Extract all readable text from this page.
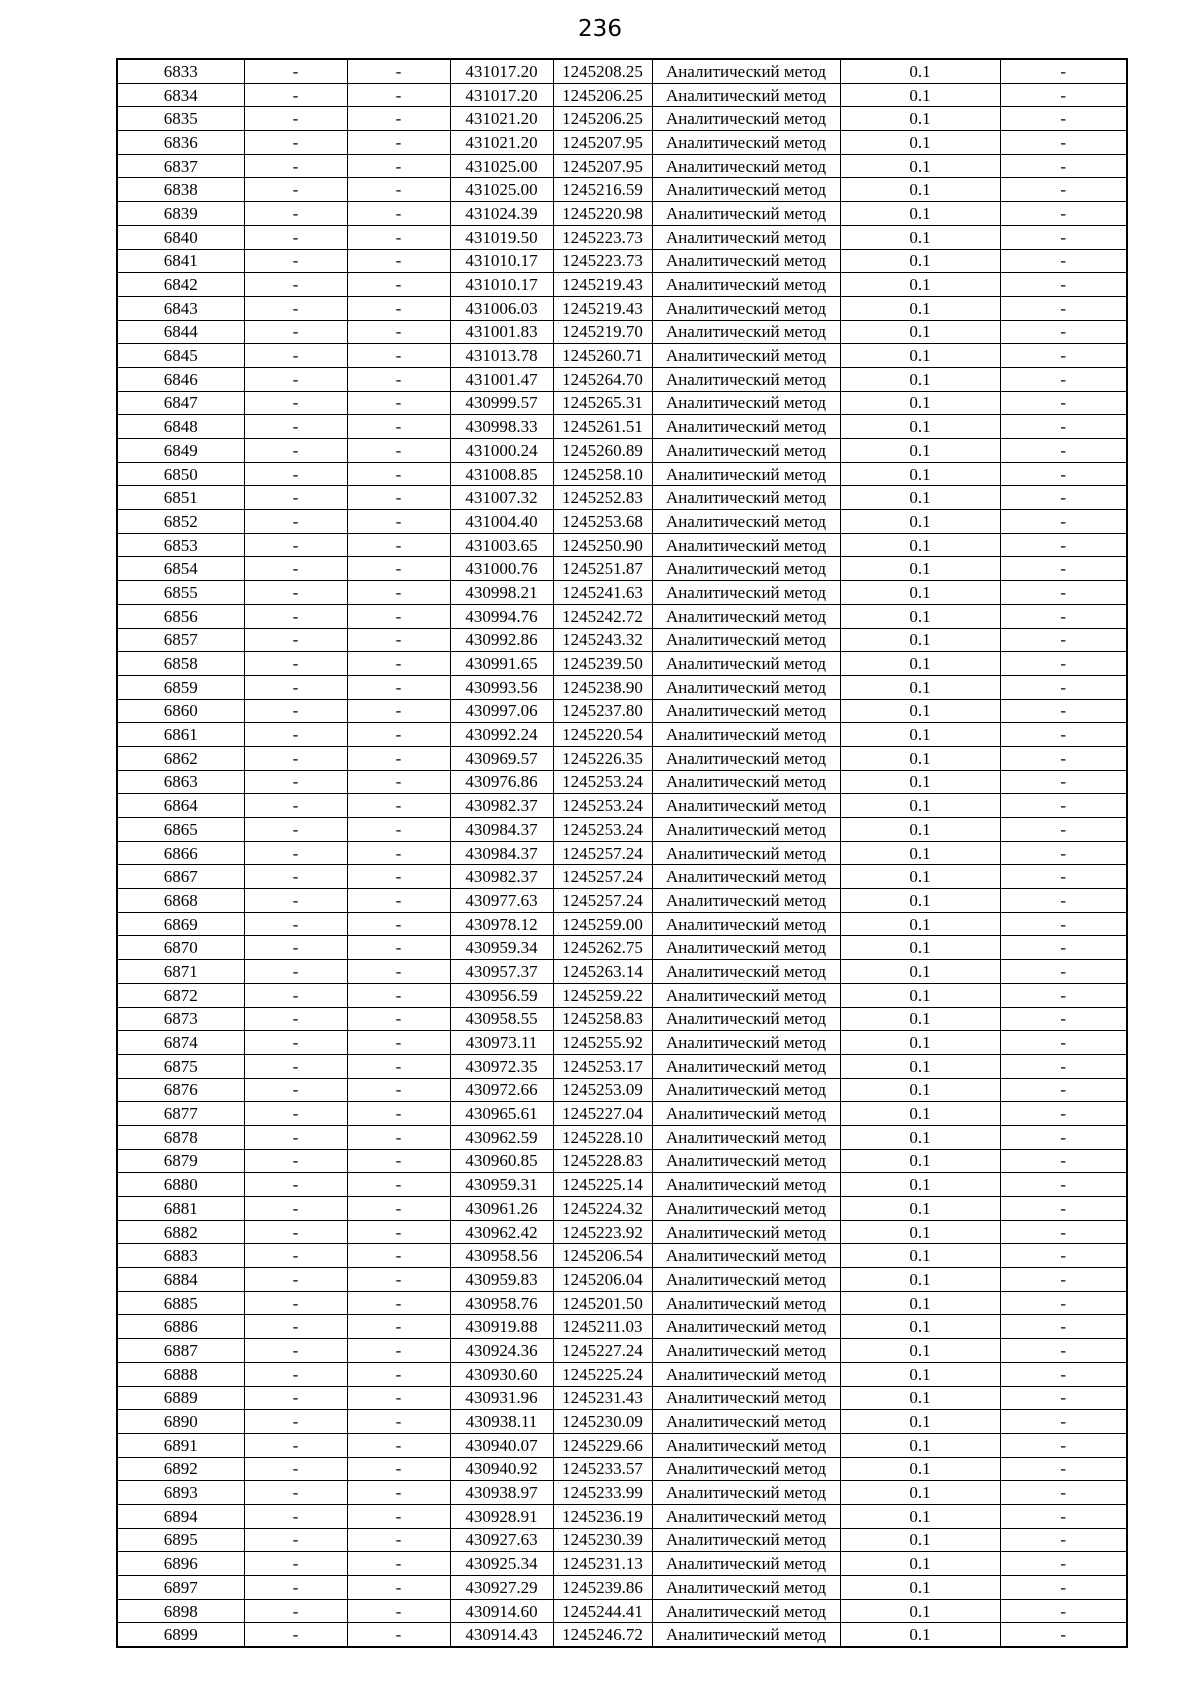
236
6833	-	-	431017.20	1245208.25	Аналитический метод	0.1	-
6834	-	-	431017.20	1245206.25	Аналитический метод	0.1	-
6835	-	-	431021.20	1245206.25	Аналитический метод	0.1	-
6836	-	-	431021.20	1245207.95	Аналитический метод	0.1	-
6837	-	-	431025.00	1245207.95	Аналитический метод	0.1	-
6838	-	-	431025.00	1245216.59	Аналитический метод	0.1	-
6839	-	-	431024.39	1245220.98	Аналитический метод	0.1	-
6840	-	-	431019.50	1245223.73	Аналитический метод	0.1	-
6841	-	-	431010.17	1245223.73	Аналитический метод	0.1	-
6842	-	-	431010.17	1245219.43	Аналитический метод	0.1	-
6843	-	-	431006.03	1245219.43	Аналитический метод	0.1	-
6844	-	-	431001.83	1245219.70	Аналитический метод	0.1	-
6845	-	-	431013.78	1245260.71	Аналитический метод	0.1	-
6846	-	-	431001.47	1245264.70	Аналитический метод	0.1	-
6847	-	-	430999.57	1245265.31	Аналитический метод	0.1	-
6848	-	-	430998.33	1245261.51	Аналитический метод	0.1	-
6849	-	-	431000.24	1245260.89	Аналитический метод	0.1	-
6850	-	-	431008.85	1245258.10	Аналитический метод	0.1	-
6851	-	-	431007.32	1245252.83	Аналитический метод	0.1	-
6852	-	-	431004.40	1245253.68	Аналитический метод	0.1	-
6853	-	-	431003.65	1245250.90	Аналитический метод	0.1	-
6854	-	-	431000.76	1245251.87	Аналитический метод	0.1	-
6855	-	-	430998.21	1245241.63	Аналитический метод	0.1	-
6856	-	-	430994.76	1245242.72	Аналитический метод	0.1	-
6857	-	-	430992.86	1245243.32	Аналитический метод	0.1	-
6858	-	-	430991.65	1245239.50	Аналитический метод	0.1	-
6859	-	-	430993.56	1245238.90	Аналитический метод	0.1	-
6860	-	-	430997.06	1245237.80	Аналитический метод	0.1	-
6861	-	-	430992.24	1245220.54	Аналитический метод	0.1	-
6862	-	-	430969.57	1245226.35	Аналитический метод	0.1	-
6863	-	-	430976.86	1245253.24	Аналитический метод	0.1	-
6864	-	-	430982.37	1245253.24	Аналитический метод	0.1	-
6865	-	-	430984.37	1245253.24	Аналитический метод	0.1	-
6866	-	-	430984.37	1245257.24	Аналитический метод	0.1	-
6867	-	-	430982.37	1245257.24	Аналитический метод	0.1	-
6868	-	-	430977.63	1245257.24	Аналитический метод	0.1	-
6869	-	-	430978.12	1245259.00	Аналитический метод	0.1	-
6870	-	-	430959.34	1245262.75	Аналитический метод	0.1	-
6871	-	-	430957.37	1245263.14	Аналитический метод	0.1	-
6872	-	-	430956.59	1245259.22	Аналитический метод	0.1	-
6873	-	-	430958.55	1245258.83	Аналитический метод	0.1	-
6874	-	-	430973.11	1245255.92	Аналитический метод	0.1	-
6875	-	-	430972.35	1245253.17	Аналитический метод	0.1	-
6876	-	-	430972.66	1245253.09	Аналитический метод	0.1	-
6877	-	-	430965.61	1245227.04	Аналитический метод	0.1	-
6878	-	-	430962.59	1245228.10	Аналитический метод	0.1	-
6879	-	-	430960.85	1245228.83	Аналитический метод	0.1	-
6880	-	-	430959.31	1245225.14	Аналитический метод	0.1	-
6881	-	-	430961.26	1245224.32	Аналитический метод	0.1	-
6882	-	-	430962.42	1245223.92	Аналитический метод	0.1	-
6883	-	-	430958.56	1245206.54	Аналитический метод	0.1	-
6884	-	-	430959.83	1245206.04	Аналитический метод	0.1	-
6885	-	-	430958.76	1245201.50	Аналитический метод	0.1	-
6886	-	-	430919.88	1245211.03	Аналитический метод	0.1	-
6887	-	-	430924.36	1245227.24	Аналитический метод	0.1	-
6888	-	-	430930.60	1245225.24	Аналитический метод	0.1	-
6889	-	-	430931.96	1245231.43	Аналитический метод	0.1	-
6890	-	-	430938.11	1245230.09	Аналитический метод	0.1	-
6891	-	-	430940.07	1245229.66	Аналитический метод	0.1	-
6892	-	-	430940.92	1245233.57	Аналитический метод	0.1	-
6893	-	-	430938.97	1245233.99	Аналитический метод	0.1	-
6894	-	-	430928.91	1245236.19	Аналитический метод	0.1	-
6895	-	-	430927.63	1245230.39	Аналитический метод	0.1	-
6896	-	-	430925.34	1245231.13	Аналитический метод	0.1	-
6897	-	-	430927.29	1245239.86	Аналитический метод	0.1	-
6898	-	-	430914.60	1245244.41	Аналитический метод	0.1	-
6899	-	-	430914.43	1245246.72	Аналитический метод	0.1	-
